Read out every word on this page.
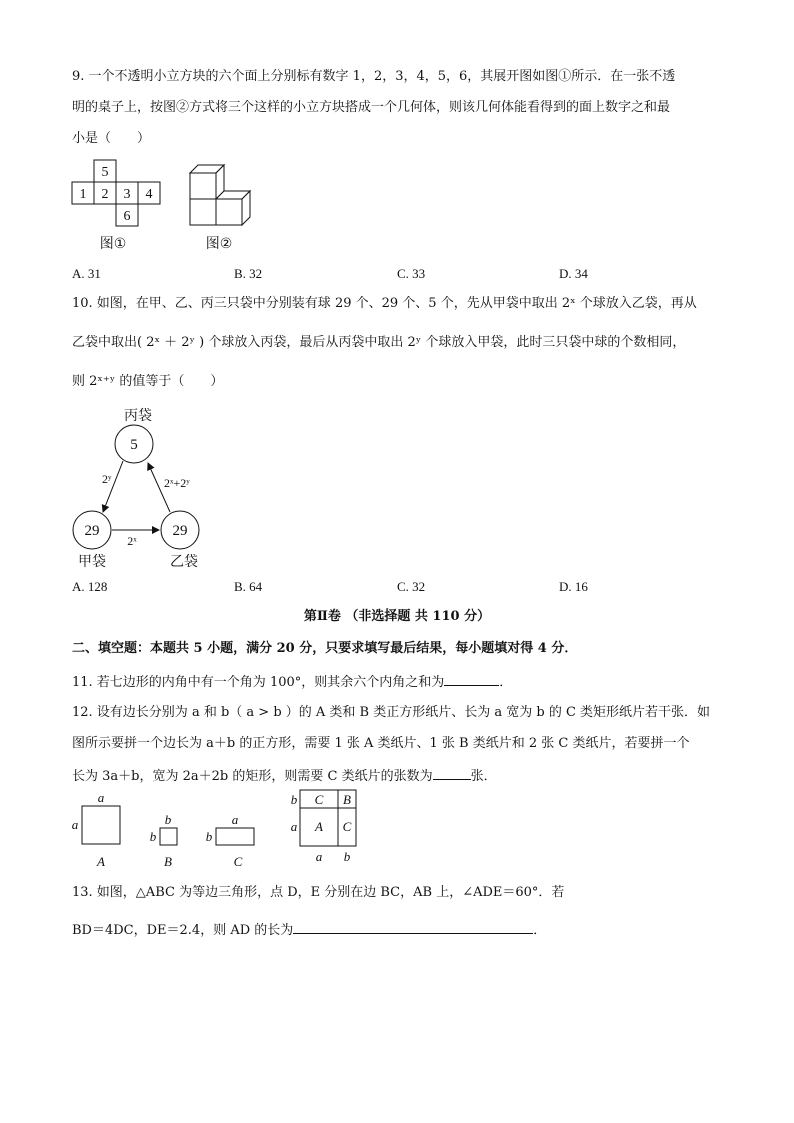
9. 一个不透明小立方块的六个面上分别标有数字 1，2，3，4，5，6，其展开图如图①所示．在一张不透
明的桌子上，按图②方式将三个这样的小立方块搭成一个几何体，则该几何体能看得到的面上数字之和最
小是（　　）
5
1 2 3 4
6
图①	图②
A. 31	B. 32	C. 33	D. 34
10. 如图，在甲、乙、丙三只袋中分别装有球 29 个、29 个、5 个，先从甲袋中取出 2ˣ 个球放入乙袋，再从
乙袋中取出( 2ˣ ＋ 2ʸ ) 个球放入丙袋，最后从丙袋中取出 2ʸ 个球放入甲袋，此时三只袋中球的个数相同，
则 2ˣ⁺ʸ 的值等于（　　）
丙袋
5
29
甲袋
29
乙袋
2ʸ
2ˣ
2ˣ+2ʸ
A. 128	B. 64	C. 32	D. 16
第Ⅱ卷 （非选择题 共 110 分）
二、填空题：本题共 5 小题，满分 20 分，只要求填写最后结果，每小题填对得 4 分．
11. 若七边形的内角中有一个角为 100°，则其余六个内角之和为	．
12. 设有边长分别为 a 和 b（ a > b ）的 A 类和 B 类正方形纸片、长为 a 宽为 b 的 C 类矩形纸片若干张．如
图所示要拼一个边长为 a＋b 的正方形，需要 1 张 A 类纸片、1 张 B 类纸片和 2 张 C 类纸片，若要拼一个
长为 3a＋b，宽为 2a＋2b 的矩形，则需要 C 类纸片的张数为	张．
a
a
A
b
b
B
a
b
C
b
a
C B
A C
a b
13. 如图，△ABC 为等边三角形，点 D，E 分别在边 BC，AB 上，∠ADE＝60°．若
BD＝4DC，DE＝2.4，则 AD 的长为	．
